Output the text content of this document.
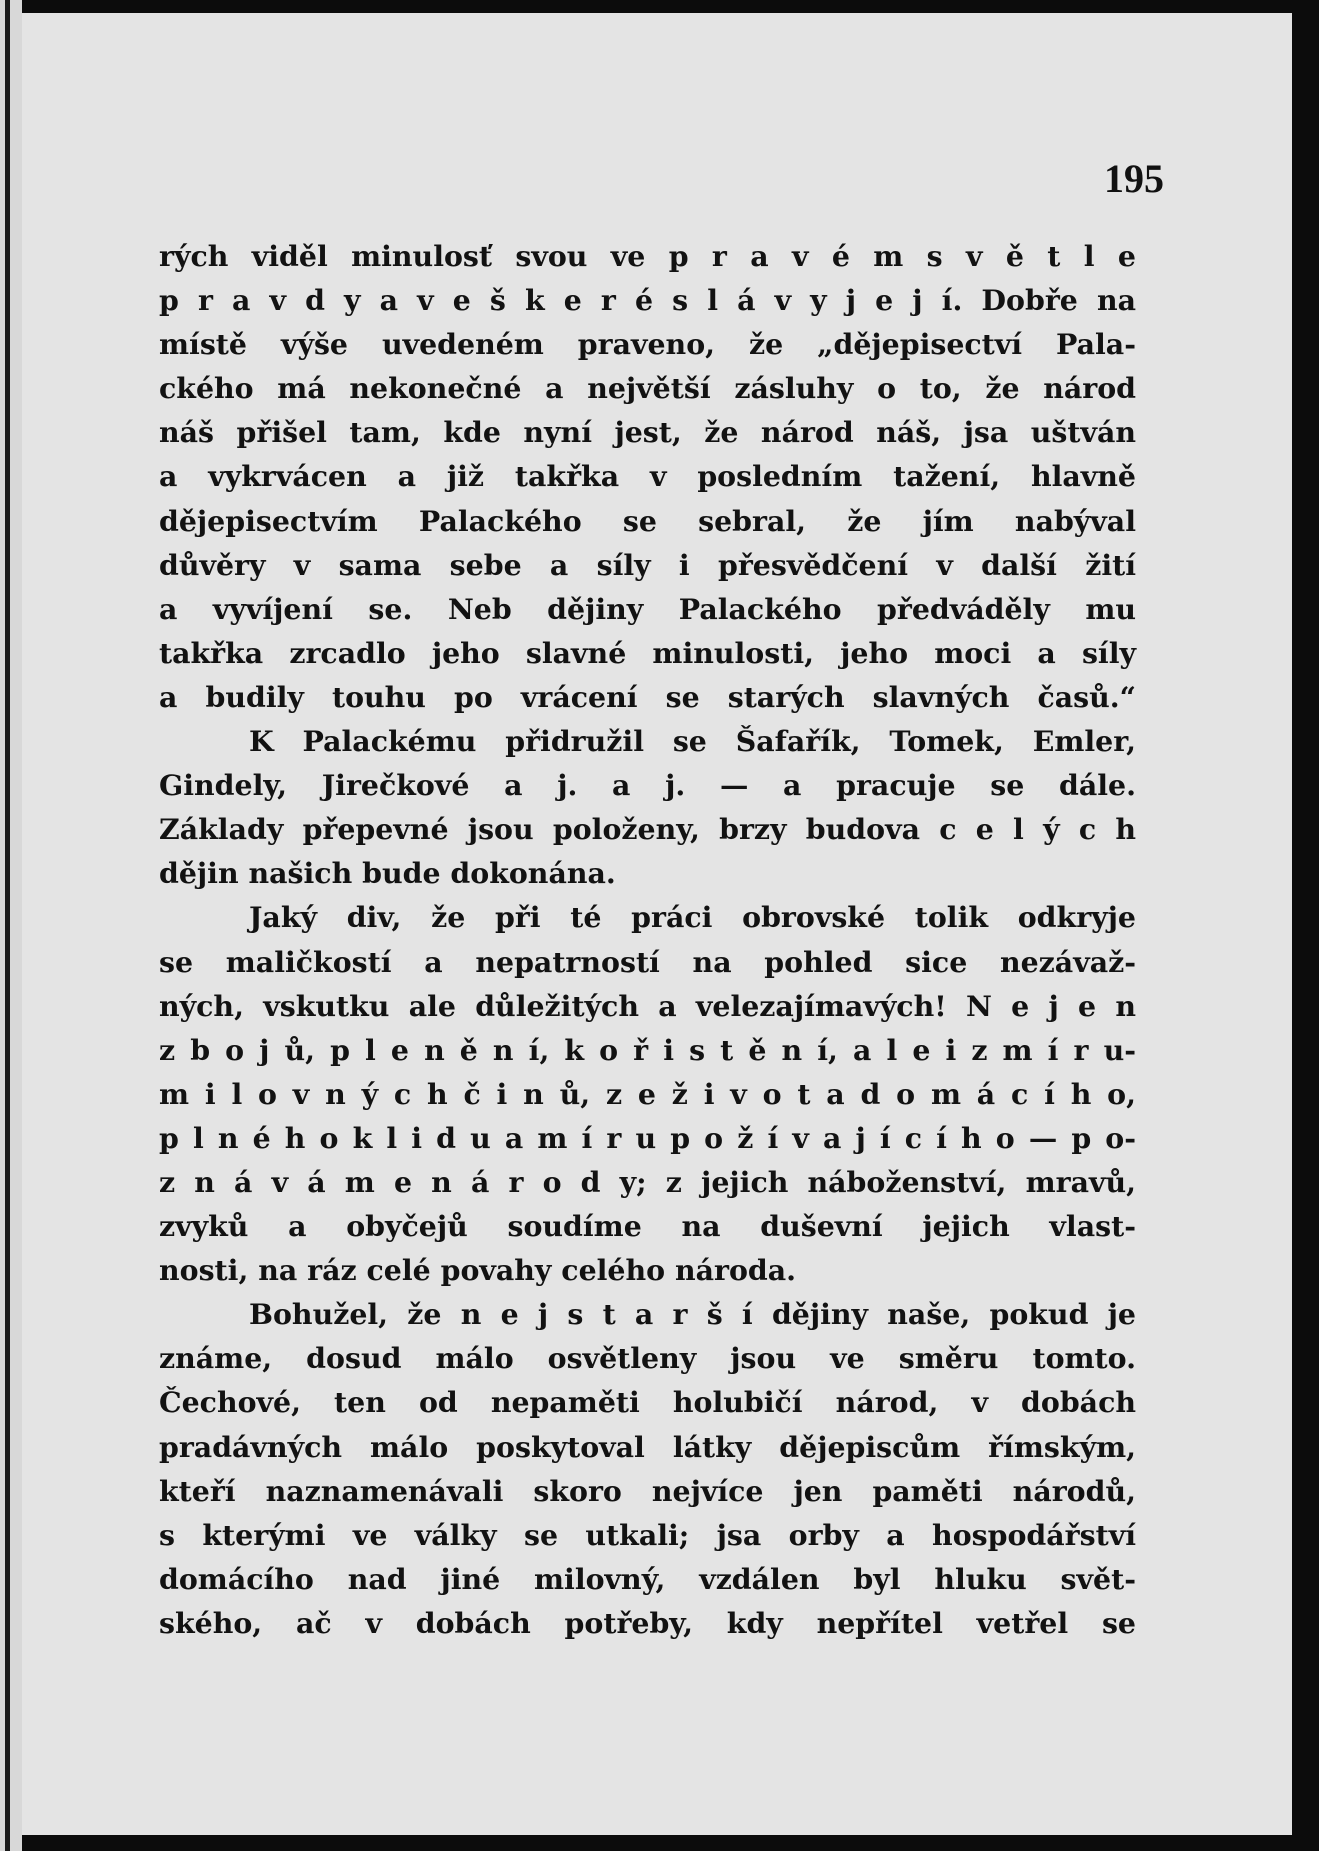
195
rých viděl minulosť svou ve p r a v é m s v ě t l e
p r a v d y a v e š k e r é s l á v y j e j í. Dobře na
místě výše uvedeném praveno, že „dějepisectví Pala-
ckého má nekonečné a největší zásluhy o to, že národ
náš přišel tam, kde nyní jest, že národ náš, jsa uštván
a vykrvácen a již takřka v posledním tažení, hlavně
dějepisectvím Palackého se sebral, že jím nabýval
důvěry v sama sebe a síly i přesvědčení v další žití
a vyvíjení se. Neb dějiny Palackého předváděly mu
takřka zrcadlo jeho slavné minulosti, jeho moci a síly
a budily touhu po vrácení se starých slavných časů.“
K Palackému přidružil se Šafařík, Tomek, Emler,
Gindely, Jirečkové a j. a j. — a pracuje se dále.
Základy přepevné jsou položeny, brzy budova c e l ý c h
dějin našich bude dokonána.
Jaký div, že při té práci obrovské tolik odkryje
se maličkostí a nepatrností na pohled sice nezávaž-
ných, vskutku ale důležitých a velezajímavých! N e j e n
z b o j ů, p l e n ě n í, k o ř i s t ě n í, a l e i z m í r u-
m i l o v n ý c h č i n ů, z e ž i v o t a d o m á c í h o,
p l n é h o k l i d u a m í r u p o ž í v a j í c í h o — p o-
z n á v á m e n á r o d y; z jejich náboženství, mravů,
zvyků a obyčejů soudíme na duševní jejich vlast-
nosti, na ráz celé povahy celého národa.
Bohužel, že n e j s t a r š í dějiny naše, pokud je
známe, dosud málo osvětleny jsou ve směru tomto.
Čechové, ten od nepaměti holubičí národ, v dobách
pradávných málo poskytoval látky dějepiscům římským,
kteří naznamenávali skoro nejvíce jen paměti národů,
s kterými ve války se utkali; jsa orby a hospodářství
domácího nad jiné milovný, vzdálen byl hluku svět-
ského, ač v dobách potřeby, kdy nepřítel vetřel se
